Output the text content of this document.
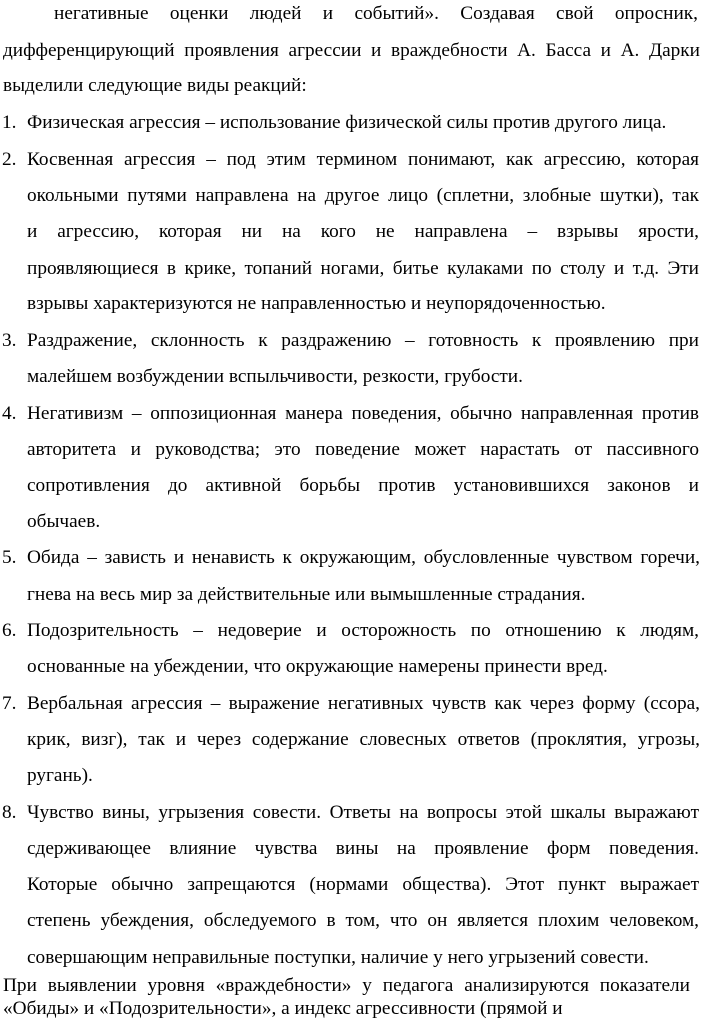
негативные оценки людей и событий». Создавая свой опросник,
дифференцирующий проявления агрессии и враждебности А. Басса и А. Дарки
выделили следующие виды реакций:
1. Физическая агрессия – использование физической силы против другого лица.
2. Косвенная агрессия – под этим термином понимают, как агрессию, которая
окольными путями направлена на другое лицо (сплетни, злобные шутки), так
и агрессию, которая ни на кого не направлена – взрывы ярости,
проявляющиеся в крике, топаний ногами, битье кулаками по столу и т.д. Эти
взрывы характеризуются не направленностью и неупорядоченностью.
3. Раздражение, склонность к раздражению – готовность к проявлению при
малейшем возбуждении вспыльчивости, резкости, грубости.
4. Негативизм – оппозиционная манера поведения, обычно направленная против
авторитета и руководства; это поведение может нарастать от пассивного
сопротивления до активной борьбы против установившихся законов и
обычаев.
5. Обида – зависть и ненависть к окружающим, обусловленные чувством горечи,
гнева на весь мир за действительные или вымышленные страдания.
6. Подозрительность – недоверие и осторожность по отношению к людям,
основанные на убеждении, что окружающие намерены принести вред.
7. Вербальная агрессия – выражение негативных чувств как через форму (ссора,
крик, визг), так и через содержание словесных ответов (проклятия, угрозы,
ругань).
8. Чувство вины, угрызения совести. Ответы на вопросы этой шкалы выражают
сдерживающее влияние чувства вины на проявление форм поведения.
Которые обычно запрещаются (нормами общества). Этот пункт выражает
степень убеждения, обследуемого в том, что он является плохим человеком,
совершающим неправильные поступки, наличие у него угрызений совести.
При выявлении уровня «враждебности» у педагога анализируются показатели
«Обиды» и «Подозрительности», а индекс агрессивности (прямой и
